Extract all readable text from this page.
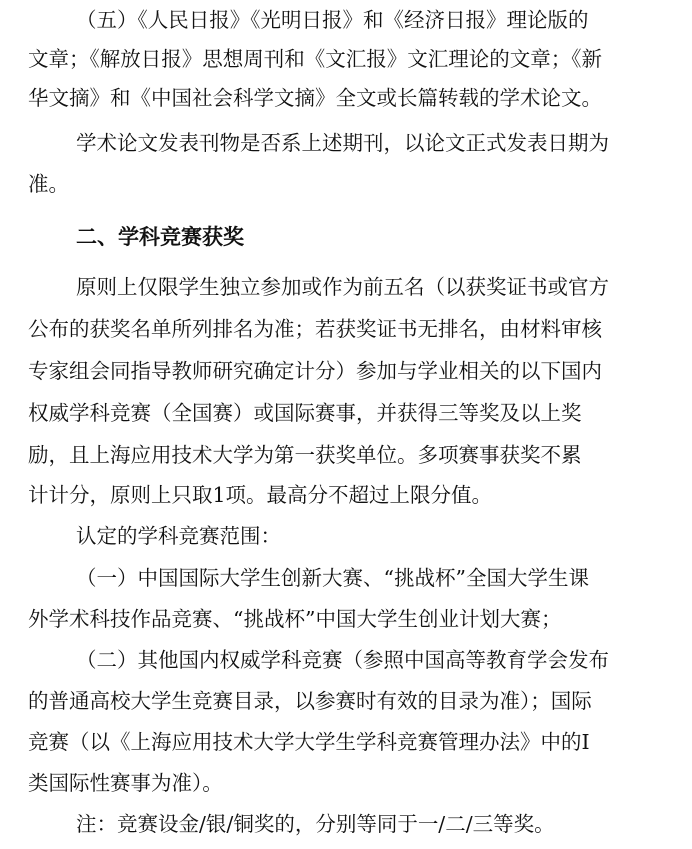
（五）《人民日报》《光明日报》和《经济日报》理论版的
文章；《解放日报》思想周刊和《文汇报》文汇理论的文章；《新
华文摘》和《中国社会科学文摘》全文或长篇转载的学术论文。
学术论文发表刊物是否系上述期刊，以论文正式发表日期为
准。
二、学科竞赛获奖
原则上仅限学生独立参加或作为前五名（以获奖证书或官方
公布的获奖名单所列排名为准；若获奖证书无排名，由材料审核
专家组会同指导教师研究确定计分）参加与学业相关的以下国内
权威学科竞赛（全国赛）或国际赛事，并获得三等奖及以上奖
励，且上海应用技术大学为第一获奖单位。多项赛事获奖不累
计计分，原则上只取1项。最高分不超过上限分值。
认定的学科竞赛范围：
（一）中国国际大学生创新大赛、“挑战杯”全国大学生课
外学术科技作品竞赛、“挑战杯”中国大学生创业计划大赛；
（二）其他国内权威学科竞赛（参照中国高等教育学会发布
的普通高校大学生竞赛目录，以参赛时有效的目录为准）；国际
竞赛（以《上海应用技术大学大学生学科竞赛管理办法》中的Ⅰ
类国际性赛事为准）。
注：竞赛设金/银/铜奖的，分别等同于一/二/三等奖。
